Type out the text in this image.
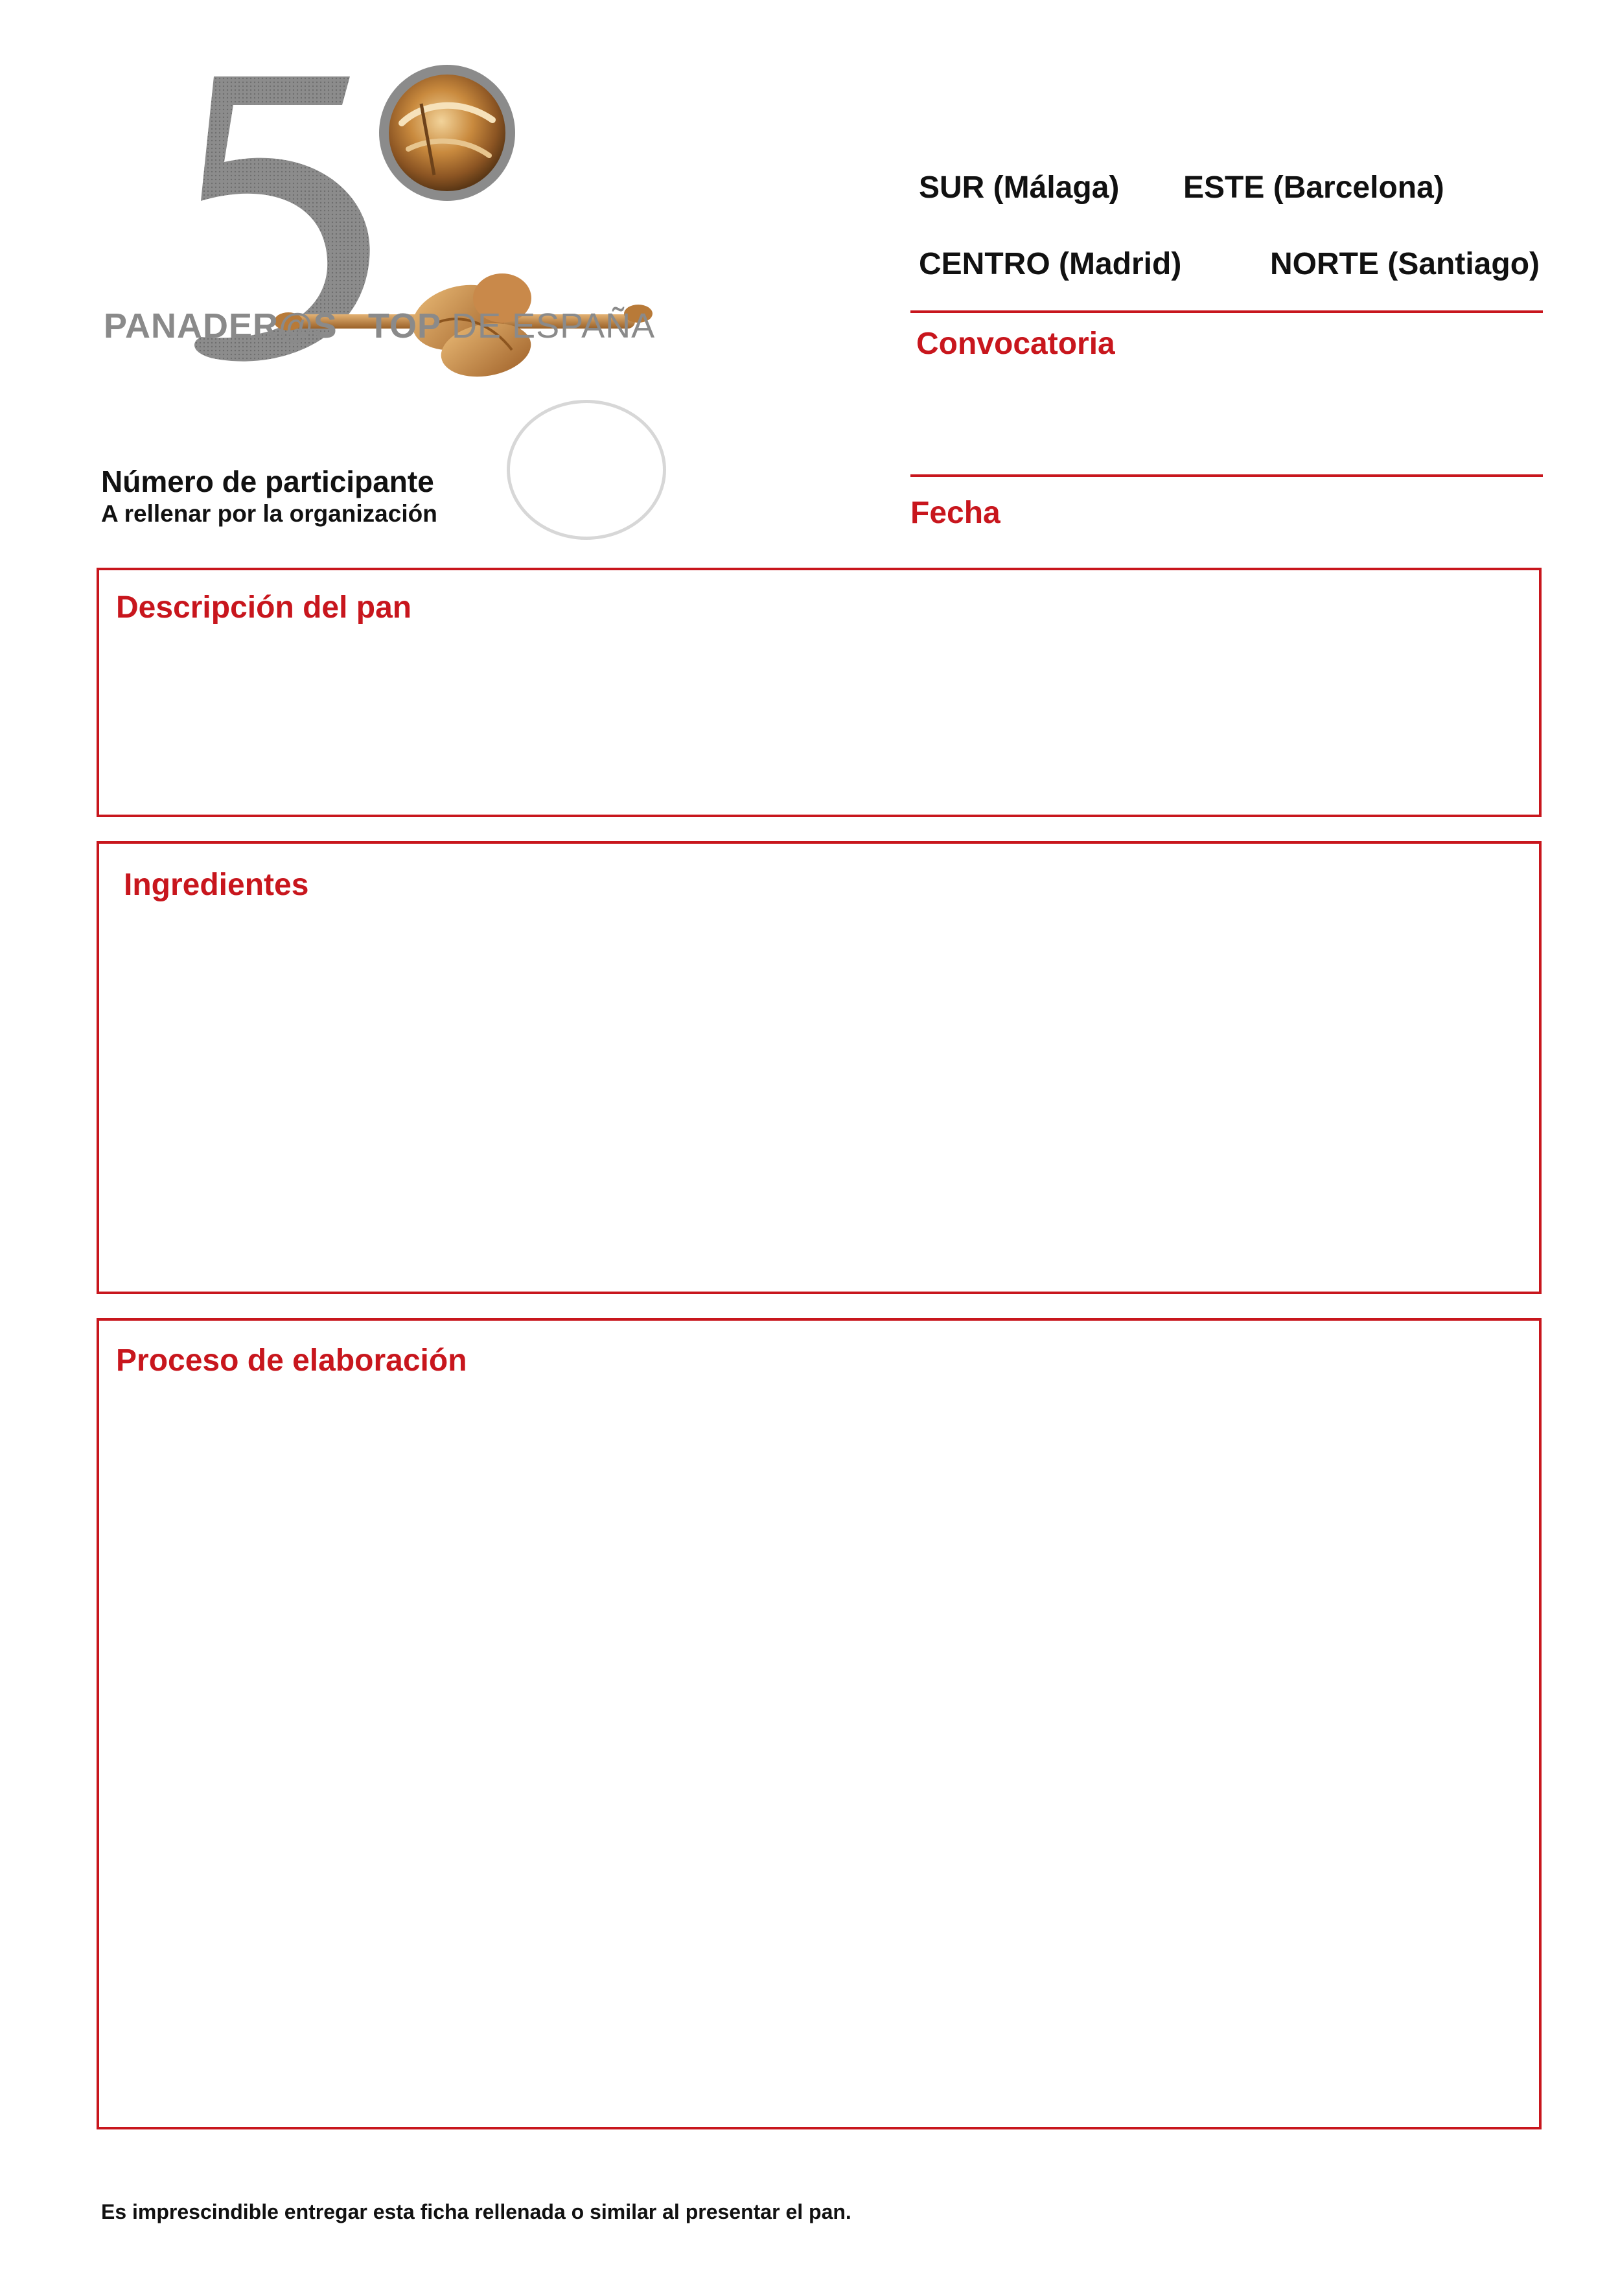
PANADER@S TOP DE ESPAÑA
SUR (Málaga) ESTE (Barcelona)
CENTRO (Madrid)	NORTE (Santiago)
Convocatoria
Fecha
Número de participante
A rellenar por la organización
Descripción del pan
Ingredientes
Proceso de elaboración
Es imprescindible entregar esta ficha rellenada o similar al presentar el pan.
